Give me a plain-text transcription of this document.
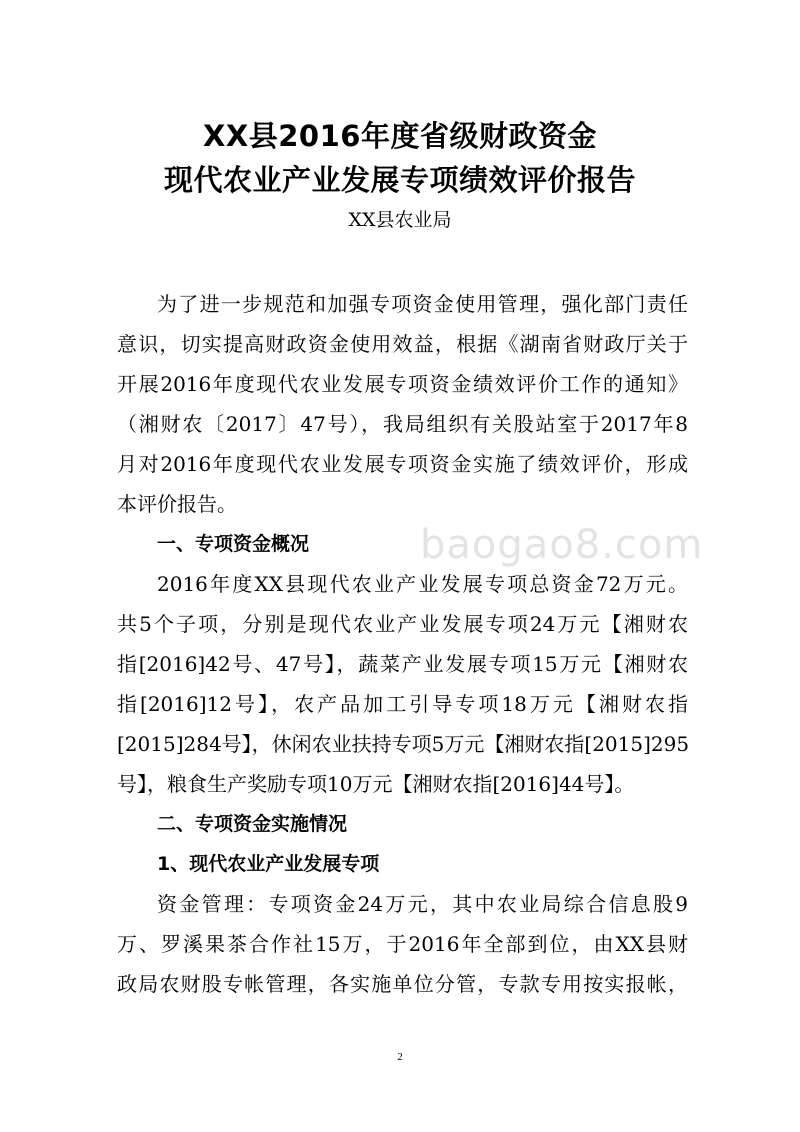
baogao8.com
XX县2016年度省级财政资金
现代农业产业发展专项绩效评价报告
XX县农业局
为了进一步规范和加强专项资金使用管理，强化部门责任
意识，切实提高财政资金使用效益，根据《湖南省财政厅关于
开展2016年度现代农业发展专项资金绩效评价工作的通知》
（湘财农〔2017〕47号），我局组织有关股站室于2017年8
月对2016年度现代农业发展专项资金实施了绩效评价，形成
本评价报告。
一、专项资金概况
2016年度XX县现代农业产业发展专项总资金72万元。
共5个子项，分别是现代农业产业发展专项24万元【湘财农
指[2016]42号、47号】，蔬菜产业发展专项15万元【湘财农
指[2016]12号】，农产品加工引导专项18万元【湘财农指
[2015]284号】，休闲农业扶持专项5万元【湘财农指[2015]295
号】，粮食生产奖励专项10万元【湘财农指[2016]44号】。
二、专项资金实施情况
1、现代农业产业发展专项
资金管理：专项资金24万元，其中农业局综合信息股9
万、罗溪果茶合作社15万，于2016年全部到位，由XX县财
政局农财股专帐管理，各实施单位分管，专款专用按实报帐，
2
